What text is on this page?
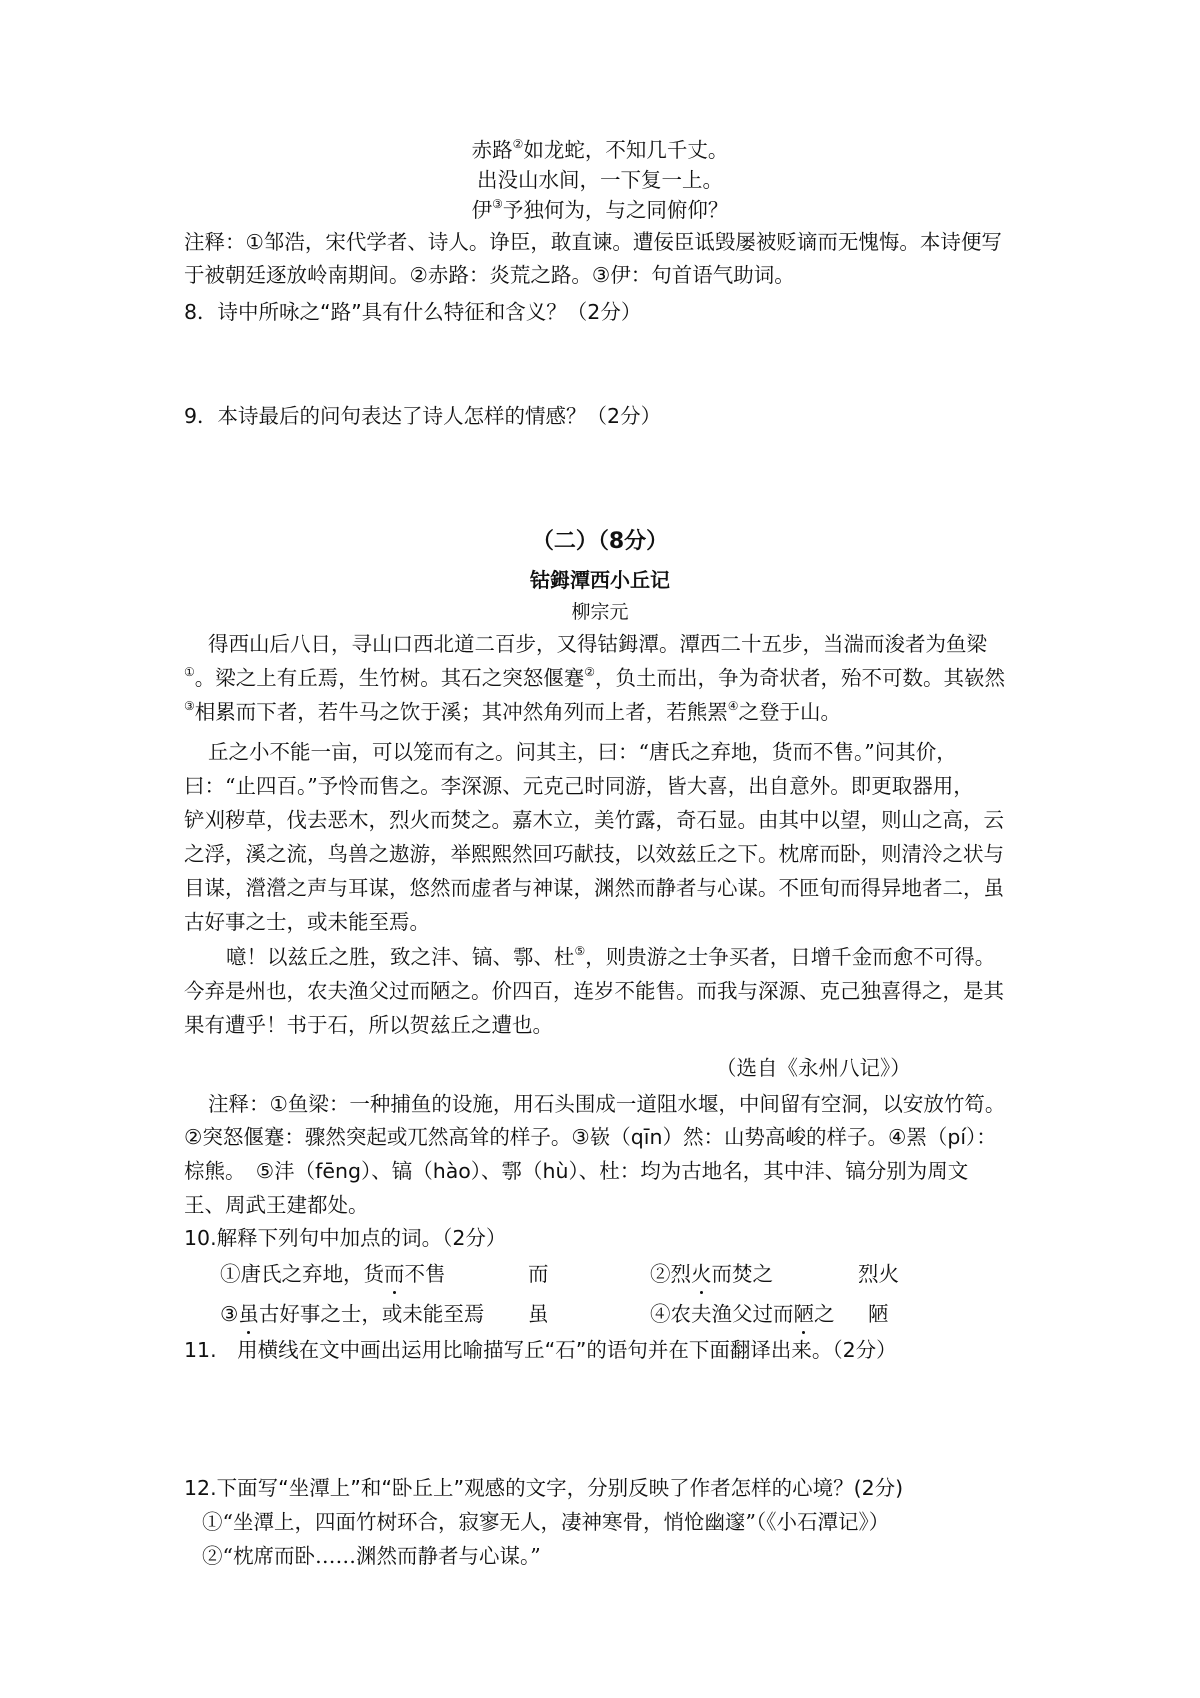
赤路②如龙蛇，不知几千丈。
出没山水间，一下复一上。
伊③予独何为，与之同俯仰？
注释：①邹浩，宋代学者、诗人。诤臣，敢直谏。遭佞臣诋毁屡被贬谪而无愧悔。本诗便写
于被朝廷逐放岭南期间。②赤路：炎荒之路。③伊：句首语气助词。
8．诗中所咏之“路”具有什么特征和含义？（2分）
9．本诗最后的问句表达了诗人怎样的情感？（2分）
（二）（8分）
钴鉧潭西小丘记
柳宗元
得西山后八日，寻山口西北道二百步，又得钴鉧潭。潭西二十五步，当湍而浚者为鱼梁
①。梁之上有丘焉，生竹树。其石之突怒偃蹇②，负土而出，争为奇状者，殆不可数。其嵚然
③相累而下者，若牛马之饮于溪；其冲然角列而上者，若熊罴④之登于山。
丘之小不能一亩，可以笼而有之。问其主，曰：“唐氏之弃地，货而不售。”问其价，
曰：“止四百。”予怜而售之。李深源、元克己时同游，皆大喜，出自意外。即更取器用，
铲刈秽草，伐去恶木，烈火而焚之。嘉木立，美竹露，奇石显。由其中以望，则山之高，云
之浮，溪之流，鸟兽之遨游，举熙熙然回巧献技，以效兹丘之下。枕席而卧，则清泠之状与
目谋，瀯瀯之声与耳谋，悠然而虚者与神谋，渊然而静者与心谋。不匝旬而得异地者二，虽
古好事之士，或未能至焉。
噫！以兹丘之胜，致之沣、镐、鄠、杜⑤，则贵游之士争买者，日增千金而愈不可得。
今弃是州也，农夫渔父过而陋之。价四百，连岁不能售。而我与深源、克己独喜得之，是其
果有遭乎！书于石，所以贺兹丘之遭也。
（选自《永州八记》）
注释：①鱼梁：一种捕鱼的设施，用石头围成一道阻水堰，中间留有空洞，以安放竹笱。
②突怒偃蹇：骤然突起或兀然高耸的样子。③嵚（qīn）然：山势高峻的样子。④罴（pí）：
棕熊。　⑤沣（fēng）、镐（hào）、鄠（hù）、杜：均为古地名，其中沣、镐分别为周文
王、周武王建都处。
10.解释下列句中加点的词。（2分）
①唐氏之弃地，货而不售	而	②烈火而焚之	烈火
③虽古好事之士，或未能至焉 虽	④农夫渔父过而陋之 陋
11.　用横线在文中画出运用比喻描写丘“石”的语句并在下面翻译出来。（2分）
12.下面写“坐潭上”和“卧丘上”观感的文字，分别反映了作者怎样的心境？(2分)
①“坐潭上，四面竹树环合，寂寥无人，凄神寒骨，悄怆幽邃”（《小石潭记》）
②“枕席而卧……渊然而静者与心谋。”
